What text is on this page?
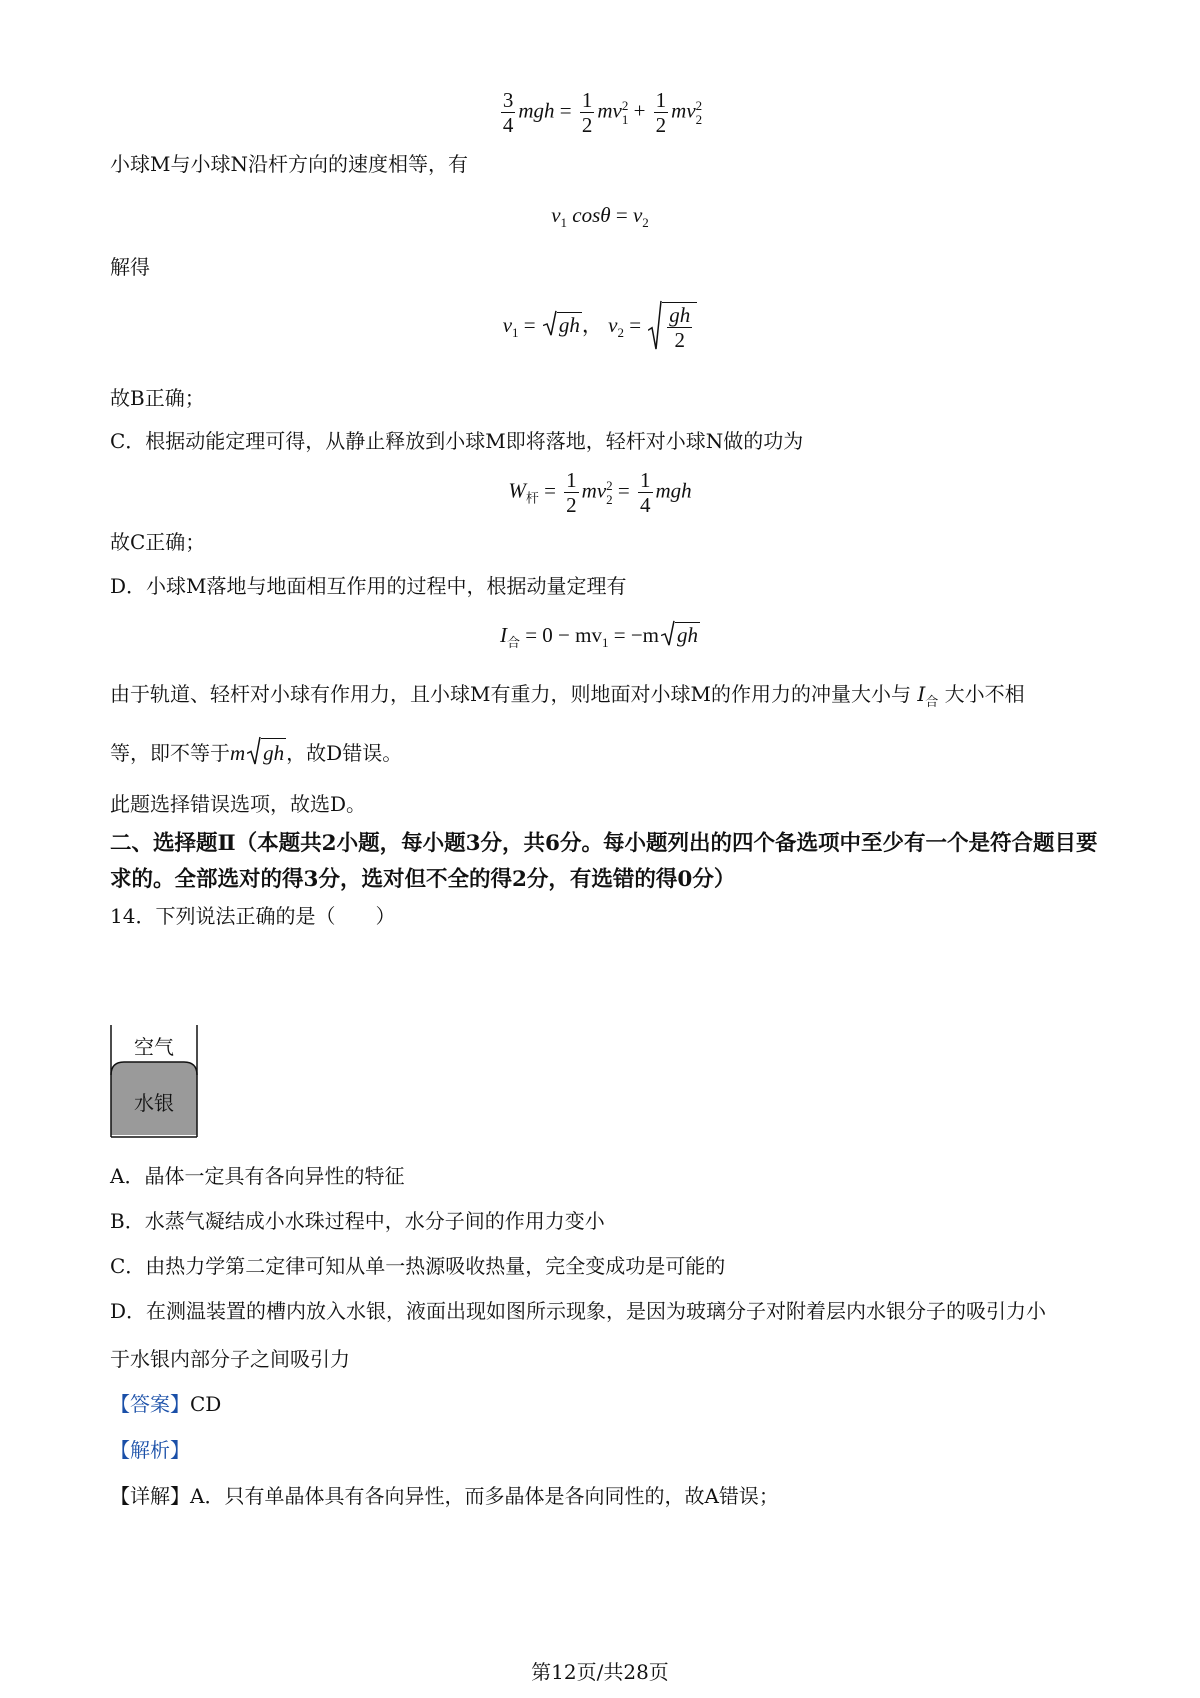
$\frac{3}{4}$ mgh = $\frac{1}{2}$ mv 2
$1 + \frac{1}{2}$ mv 2
2
小球M与小球N沿杆方向的速度相等，有
$v_1$ $\cos\theta = v_2$
解得
$v_1$ =
gh， $v_2 = \frac{gh}{2}$
故B正确；
C．根据动能定理可得，从静止释放到小球M即将落地，轻杆对小球N做的功为
$W_杆 = \frac{1}{2}$ mv 2
$2 = \frac{1}{4}$ mgh
故C正确；
D．小球M落地与地面相互作用的过程中，根据动量定理有
$I_合 = 0 - mv_1 = -m$ gh
由于轨道、轻杆对小球有作用力，且小球M有重力，则地面对小球M的作用力的冲量大小与 $I_合$ 大小不相
等，即不等于m gh ，故D错误。
此题选择错误选项，故选D。
二、选择题Ⅱ（本题共2小题，每小题3分，共6分。每小题列出的四个备选项中至少有一个是符合题目要求的。全部选对的得3分，选对但不全的得2分，有选错的得0分）
14．下列说法正确的是（　　）
空气
水银
A．晶体一定具有各向异性的特征
B．水蒸气凝结成小水珠过程中，水分子间的作用力变小
C．由热力学第二定律可知从单一热源吸收热量，完全变成功是可能的
D．在测温装置的槽内放入水银，液面出现如图所示现象，是因为玻璃分子对附着层内水银分子的吸引力小
于水银内部分子之间吸引力
【答案】CD
【解析】
【详解】A．只有单晶体具有各向异性，而多晶体是各向同性的，故A错误；
第12页/共28页
